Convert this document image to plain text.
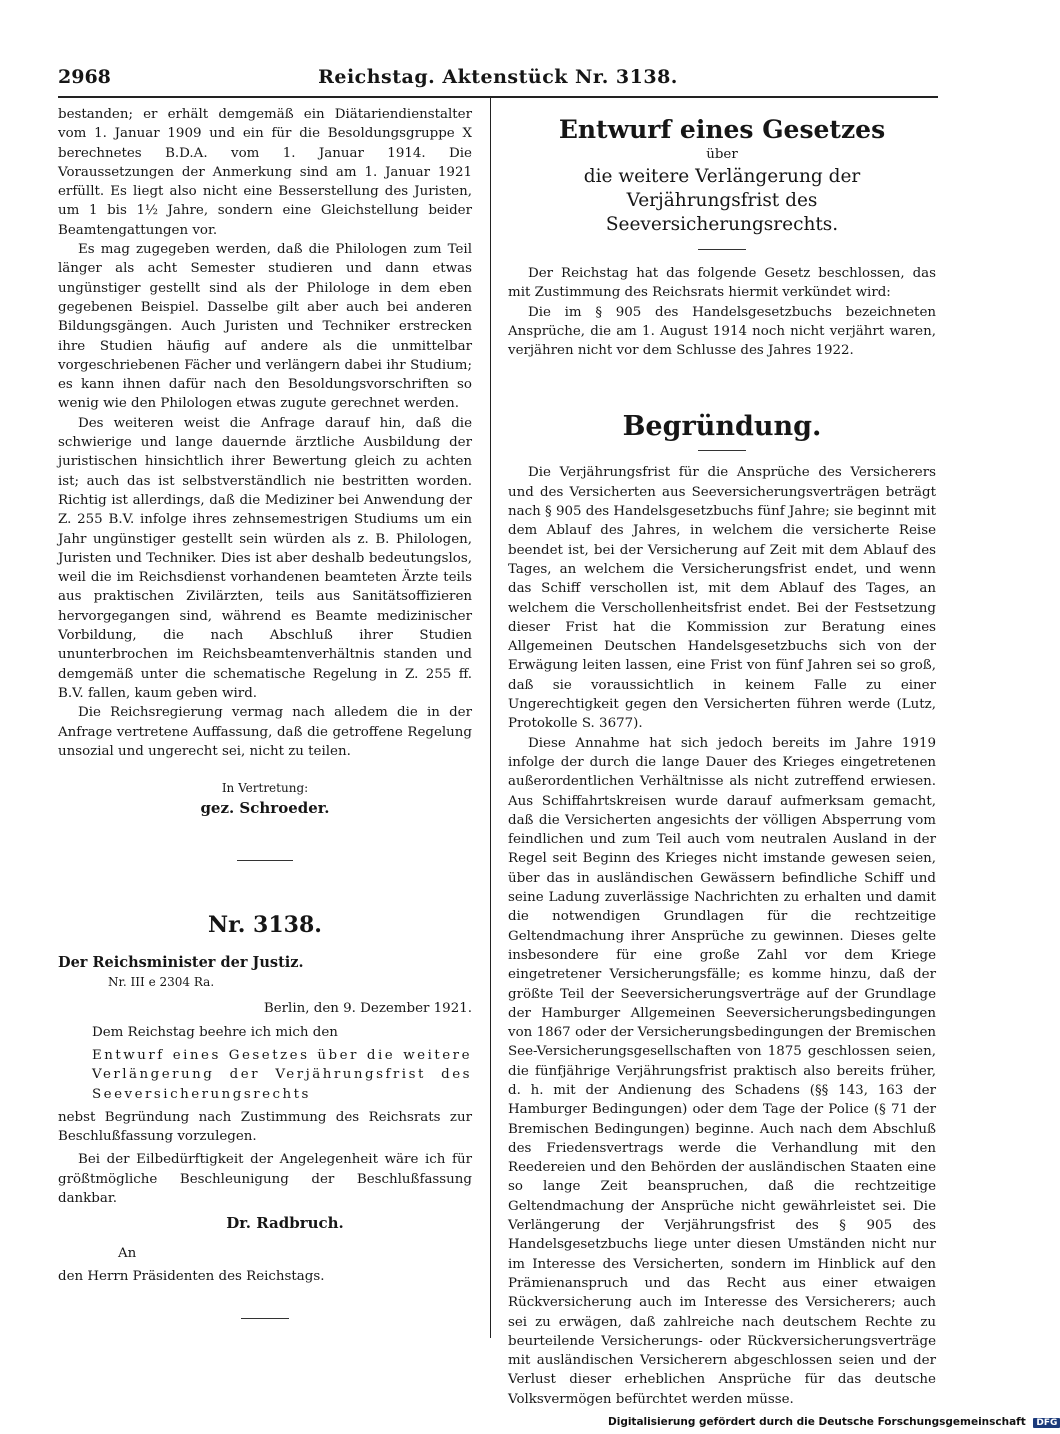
2968	Reichstag. Aktenstück Nr. 3138.

bestanden; er erhält demgemäß ein Diätariendienstalter vom 1. Januar 1909 und ein für die Besoldungsgruppe X berechnetes B.D.A. vom 1. Januar 1914. Die Voraussetzungen der Anmerkung sind am 1. Januar 1921 erfüllt. Es liegt also nicht eine Besserstellung des Juristen, um 1 bis 1½ Jahre, sondern eine Gleichstellung beider Beamtengattungen vor.

Es mag zugegeben werden, daß die Philologen zum Teil länger als acht Semester studieren und dann etwas ungünstiger gestellt sind als der Philologe in dem eben gegebenen Beispiel. Dasselbe gilt aber auch bei anderen Bildungsgängen. Auch Juristen und Techniker erstrecken ihre Studien häufig auf andere als die unmittelbar vorgeschriebenen Fächer und verlängern dabei ihr Studium; es kann ihnen dafür nach den Besoldungsvorschriften so wenig wie den Philologen etwas zugute gerechnet werden.

Des weiteren weist die Anfrage darauf hin, daß die schwierige und lange dauernde ärztliche Ausbildung der juristischen hinsichtlich ihrer Bewertung gleich zu achten ist; auch das ist selbstverständlich nie bestritten worden. Richtig ist allerdings, daß die Mediziner bei Anwendung der Z. 255 B.V. infolge ihres zehnsemestrigen Studiums um ein Jahr ungünstiger gestellt sein würden als z. B. Philologen, Juristen und Techniker. Dies ist aber deshalb bedeutungslos, weil die im Reichsdienst vorhandenen beamteten Ärzte teils aus praktischen Zivilärzten, teils aus Sanitätsoffizieren hervorgegangen sind, während es Beamte medizinischer Vorbildung, die nach Abschluß ihrer Studien ununterbrochen im Reichsbeamtenverhältnis standen und demgemäß unter die schematische Regelung in Z. 255 ff. B.V. fallen, kaum geben wird.

Die Reichsregierung vermag nach alledem die in der Anfrage vertretene Auffassung, daß die getroffene Regelung unsozial und ungerecht sei, nicht zu teilen.

In Vertretung:

gez. Schroeder.

Nr. 3138.
Der Reichsminister der Justiz.
Nr. III e 2304 Ra.

Berlin, den 9. Dezember 1921.

Dem Reichstag beehre ich mich den

Entwurf eines Gesetzes über die weitere Verlängerung der Verjährungsfrist des Seeversicherungsrechts

nebst Begründung nach Zustimmung des Reichsrats zur Beschlußfassung vorzulegen.

Bei der Eilbedürftigkeit der Angelegenheit wäre ich für größtmögliche Beschleunigung der Beschlußfassung dankbar.

Dr. Radbruch.

An

den Herrn Präsidenten des Reichstags.

Entwurf eines Gesetzes
über
die weitere Verlängerung der Verjährungsfrist des Seeversicherungsrechts.

Der Reichstag hat das folgende Gesetz beschlossen, das mit Zustimmung des Reichsrats hiermit verkündet wird:

Die im § 905 des Handelsgesetzbuchs bezeichneten Ansprüche, die am 1. August 1914 noch nicht verjährt waren, verjähren nicht vor dem Schlusse des Jahres 1922.

Begründung.

Die Verjährungsfrist für die Ansprüche des Versicherers und des Versicherten aus Seeversicherungsverträgen beträgt nach § 905 des Handelsgesetzbuchs fünf Jahre; sie beginnt mit dem Ablauf des Jahres, in welchem die versicherte Reise beendet ist, bei der Versicherung auf Zeit mit dem Ablauf des Tages, an welchem die Versicherungsfrist endet, und wenn das Schiff verschollen ist, mit dem Ablauf des Tages, an welchem die Verschollenheitsfrist endet. Bei der Festsetzung dieser Frist hat die Kommission zur Beratung eines Allgemeinen Deutschen Handelsgesetzbuchs sich von der Erwägung leiten lassen, eine Frist von fünf Jahren sei so groß, daß sie voraussichtlich in keinem Falle zu einer Ungerechtigkeit gegen den Versicherten führen werde (Lutz, Protokolle S. 3677).

Diese Annahme hat sich jedoch bereits im Jahre 1919 infolge der durch die lange Dauer des Krieges eingetretenen außerordentlichen Verhältnisse als nicht zutreffend erwiesen. Aus Schiffahrtskreisen wurde darauf aufmerksam gemacht, daß die Versicherten angesichts der völligen Absperrung vom feindlichen und zum Teil auch vom neutralen Ausland in der Regel seit Beginn des Krieges nicht imstande gewesen seien, über das in ausländischen Gewässern befindliche Schiff und seine Ladung zuverlässige Nachrichten zu erhalten und damit die notwendigen Grundlagen für die rechtzeitige Geltendmachung ihrer Ansprüche zu gewinnen. Dieses gelte insbesondere für eine große Zahl vor dem Kriege eingetretener Versicherungsfälle; es komme hinzu, daß der größte Teil der Seeversicherungsverträge auf der Grundlage der Hamburger Allgemeinen Seeversicherungsbedingungen von 1867 oder der Versicherungsbedingungen der Bremischen See-Versicherungsgesellschaften von 1875 geschlossen seien, die fünfjährige Verjährungsfrist praktisch also bereits früher, d. h. mit der Andienung des Schadens (§§ 143, 163 der Hamburger Bedingungen) oder dem Tage der Police (§ 71 der Bremischen Bedingungen) beginne. Auch nach dem Abschluß des Friedensvertrags werde die Verhandlung mit den Reedereien und den Behörden der ausländischen Staaten eine so lange Zeit beanspruchen, daß die rechtzeitige Geltendmachung der Ansprüche nicht gewährleistet sei. Die Verlängerung der Verjährungsfrist des § 905 des Handelsgesetzbuchs liege unter diesen Umständen nicht nur im Interesse des Versicherten, sondern im Hinblick auf den Prämienanspruch und das Recht aus einer etwaigen Rückversicherung auch im Interesse des Versicherers; auch sei zu erwägen, daß zahlreiche nach deutschem Rechte zu beurteilende Versicherungs- oder Rückversicherungsverträge mit ausländischen Versicherern abgeschlossen seien und der Verlust dieser erheblichen Ansprüche für das deutsche Volksvermögen befürchtet werden müsse.

Digitalisierung gefördert durch die Deutsche Forschungsgemeinschaft DFG
